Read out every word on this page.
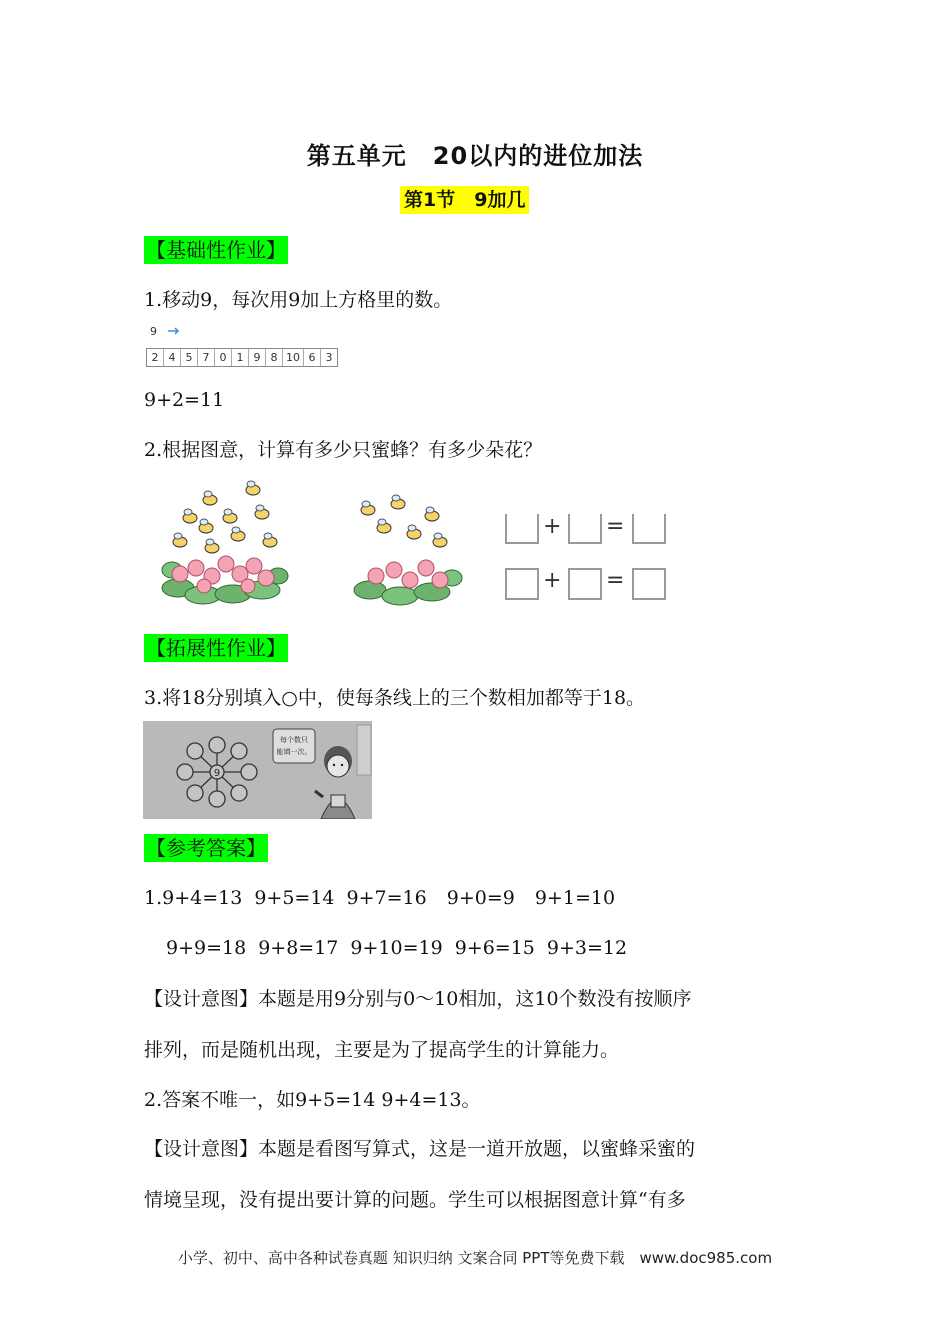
第五单元 20以内的进位加法
第1节　9加几
【基础性作业】
1.移动9，每次用9加上方格里的数。
9
2 4 5 7 0 1 9 8 10 6 3
9+2=11
2.根据图意，计算有多少只蜜蜂？有多少朵花？
+ =
+ =
【拓展性作业】
3.将18分别填入○中，使每条线上的三个数相加都等于18。
9
每个数只
能填一次。
【参考答案】
1.9+4=13 9+5=14 9+7=16 9+0=9 9+1=10
9+9=18 9+8=17 9+10=19 9+6=15 9+3=12
【设计意图】本题是用9分别与0～10相加，这10个数没有按顺序
排列，而是随机出现，主要是为了提高学生的计算能力。
2.答案不唯一，如9+5=14 9+4=13。
【设计意图】本题是看图写算式，这是一道开放题，以蜜蜂采蜜的
情境呈现，没有提出要计算的问题。学生可以根据图意计算“有多
小学、初中、高中各种试卷真题 知识归纳 文案合同 PPT等免费下载　www.doc985.com
